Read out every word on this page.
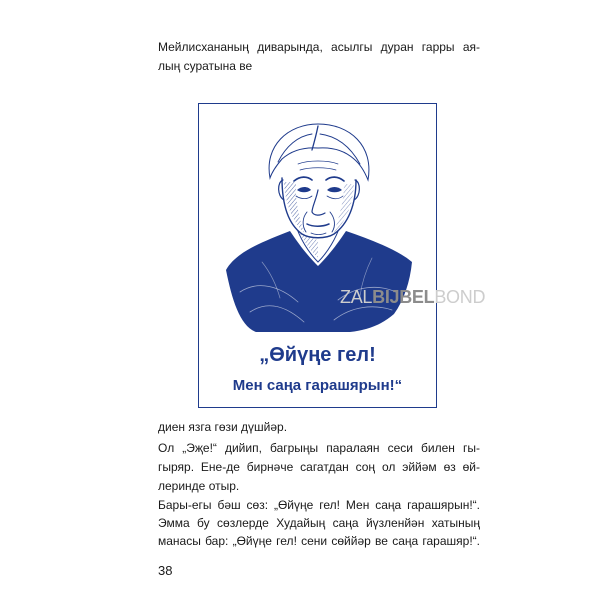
Мейлисхананың диварында, асылгы дуран гарры ая-
лың суратына ве
„Өйүңе гел!
Мен саңа гарашярын!“
ZALBIJBELBOND
диен язга гөзи дүшйәр.
Ол „Эҗе!“ дийип, багрыңы паралаян сеси билен гы-
гыряр. Ене-де бирнәче сагатдан соң ол эййәм өз өй-
леринде отыр.
Бары-егы бәш сөз: „Өйүңе гел! Мен саңа гарашярын!“.
Эмма бу сөзлерде Худайың саңа йүзленйән хатының
манасы бар: „Өйүңе гел! сени сөййәр ве саңа гарашяр!“.
38
